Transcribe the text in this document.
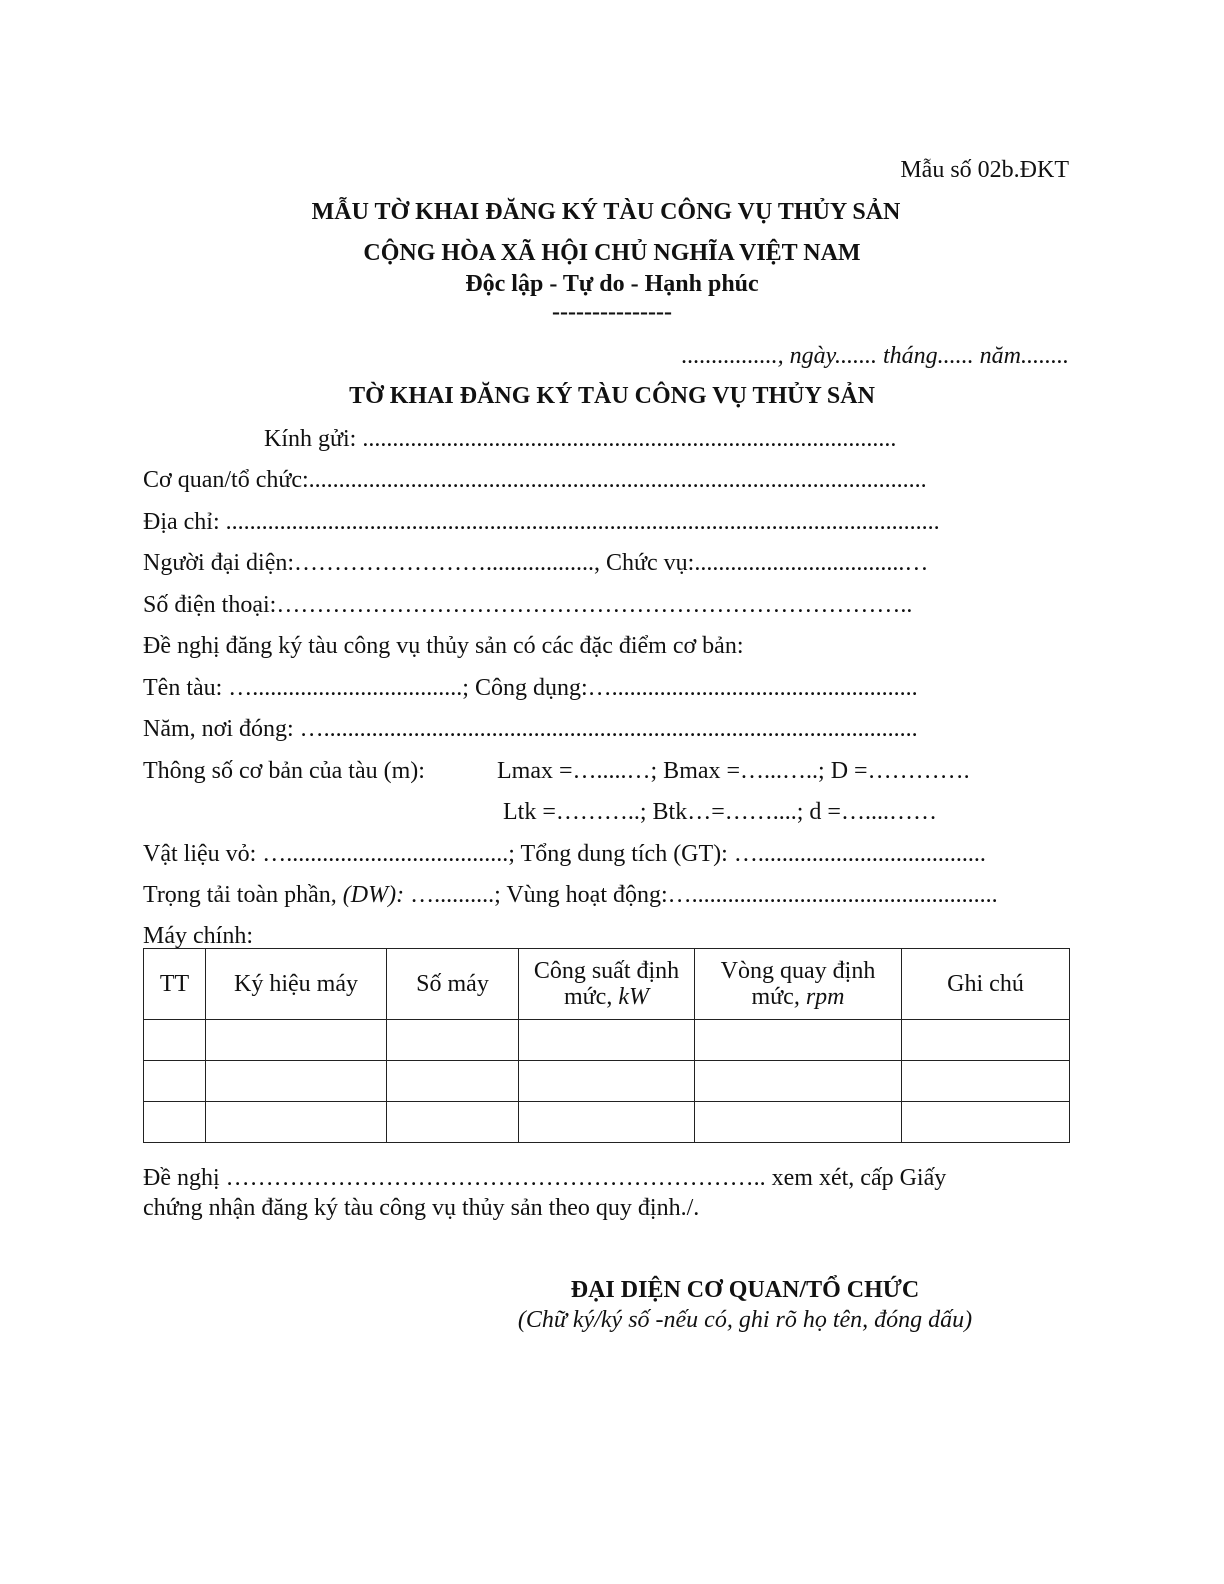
Mẫu số 02b.ĐKT
MẪU TỜ KHAI ĐĂNG KÝ TÀU CÔNG VỤ THỦY SẢN
CỘNG HÒA XÃ HỘI CHỦ NGHĨA VIỆT NAM
Độc lập - Tự do - Hạnh phúc
---------------
................, ngày....... tháng...... năm........
TỜ KHAI ĐĂNG KÝ TÀU CÔNG VỤ THỦY SẢN
Kính gửi: .........................................................................................
Cơ quan/tổ chức:.......................................................................................................
Địa chỉ: .......................................................................................................................
Người đại diện:…………………….................., Chức vụ:...................................…
Số điện thoại:……………………………………………………………………..
Đề nghị đăng ký tàu công vụ thủy sản có các đặc điểm cơ bản:
Tên tàu: …...................................; Công dụng:…...................................................
Năm, nơi đóng: …...................................................................................................
Thông số cơ bản của tàu (m):	Lmax =….....…; Bmax =…...…..; D =………….
Ltk =………..; Btk…=……....; d =…....……
Vật liệu vỏ: ….....................................; Tổng dung tích (GT): …......................................
Trọng tải toàn phần, (DW): …..........; Vùng hoạt động:…...................................................
Máy chính:
TT	Ký hiệu máy	Số máy	Công suất định mức, kW	Vòng quay định mức, rpm	Ghi chú

Đề nghị ………………………………………………………….. xem xét, cấp Giấy
chứng nhận đăng ký tàu công vụ thủy sản theo quy định./.
ĐẠI DIỆN CƠ QUAN/TỔ CHỨC
(Chữ ký/ký số -nếu có, ghi rõ họ tên, đóng dấu)
